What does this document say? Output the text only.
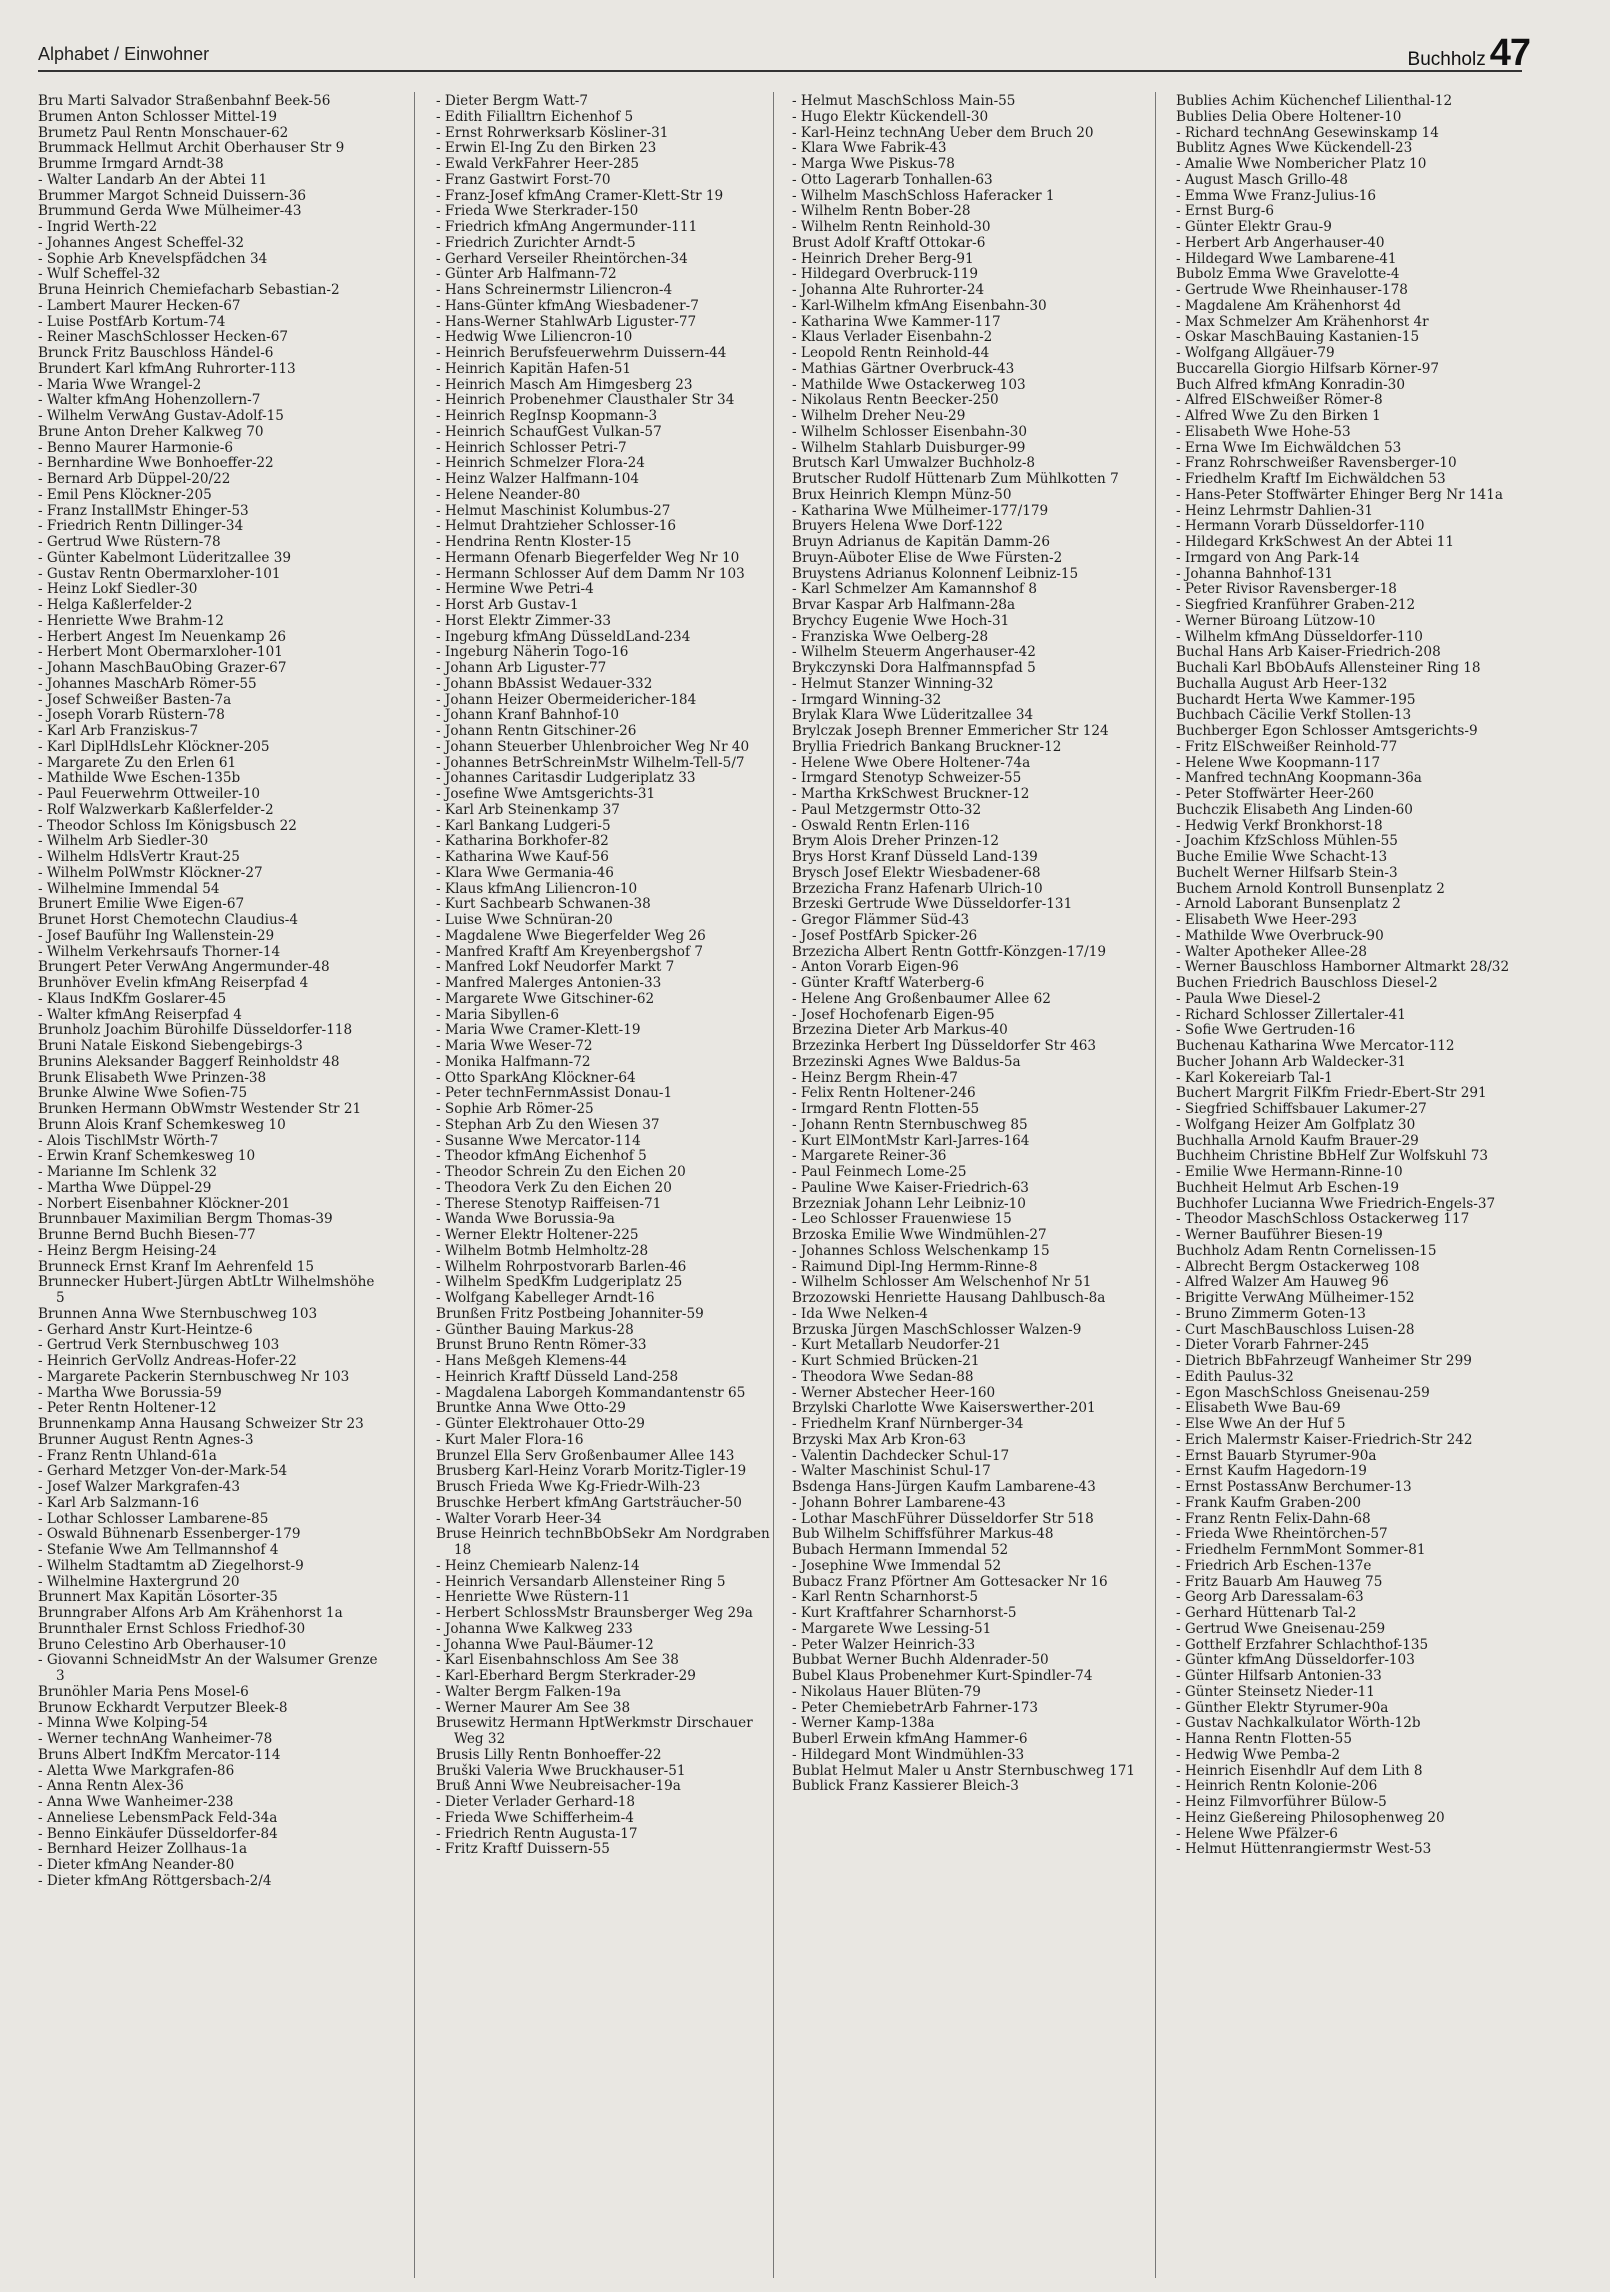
Alphabet / Einwohner	Buchholz 47

Bru Marti Salvador Straßenbahnf Beek-56

Brumen Anton Schlosser Mittel-19

Brumetz Paul Rentn Monschauer-62

Brummack Hellmut Archit Oberhauser Str 9

Brumme Irmgard Arndt-38

- Walter Landarb An der Abtei 11

Brummer Margot Schneid Duissern-36

Brummund Gerda Wwe Mülheimer-43

- Ingrid Werth-22

- Johannes Angest Scheffel-32

- Sophie Arb Knevelspfädchen 34

- Wulf Scheffel-32

Bruna Heinrich Chemiefacharb Sebastian-2

- Lambert Maurer Hecken-67

- Luise PostfArb Kortum-74

- Reiner MaschSchlosser Hecken-67

Brunck Fritz Bauschloss Händel-6

Brundert Karl kfmAng Ruhrorter-113

- Maria Wwe Wrangel-2

- Walter kfmAng Hohenzollern-7

- Wilhelm VerwAng Gustav-Adolf-15

Brune Anton Dreher Kalkweg 70

- Benno Maurer Harmonie-6

- Bernhardine Wwe Bonhoeffer-22

- Bernard Arb Düppel-20/22

- Emil Pens Klöckner-205

- Franz InstallMstr Ehinger-53

- Friedrich Rentn Dillinger-34

- Gertrud Wwe Rüstern-78

- Günter Kabelmont Lüderitzallee 39

- Gustav Rentn Obermarxloher-101

- Heinz Lokf Siedler-30

- Helga Kaßlerfelder-2

- Henriette Wwe Brahm-12

- Herbert Angest Im Neuenkamp 26

- Herbert Mont Obermarxloher-101

- Johann MaschBauObing Grazer-67

- Johannes MaschArb Römer-55

- Josef Schweißer Basten-7a

- Joseph Vorarb Rüstern-78

- Karl Arb Franziskus-7

- Karl DiplHdlsLehr Klöckner-205

- Margarete Zu den Erlen 61

- Mathilde Wwe Eschen-135b

- Paul Feuerwehrm Ottweiler-10

- Rolf Walzwerkarb Kaßlerfelder-2

- Theodor Schloss Im Königsbusch 22

- Wilhelm Arb Siedler-30

- Wilhelm HdlsVertr Kraut-25

- Wilhelm PolWmstr Klöckner-27

- Wilhelmine Immendal 54

Brunert Emilie Wwe Eigen-67

Brunet Horst Chemotechn Claudius-4

- Josef Bauführ Ing Wallenstein-29

- Wilhelm Verkehrsaufs Thorner-14

Brungert Peter VerwAng Angermunder-48

Brunhöver Evelin kfmAng Reiserpfad 4

- Klaus IndKfm Goslarer-45

- Walter kfmAng Reiserpfad 4

Brunholz Joachim Bürohilfe Düsseldorfer-118

Bruni Natale Eiskond Siebengebirgs-3

Brunins Aleksander Baggerf Reinholdstr 48

Brunk Elisabeth Wwe Prinzen-38

Brunke Alwine Wwe Sofien-75

Brunken Hermann ObWmstr Westender Str 21

Brunn Alois Kranf Schemkesweg 10

- Alois TischlMstr Wörth-7

- Erwin Kranf Schemkesweg 10

- Marianne Im Schlenk 32

- Martha Wwe Düppel-29

- Norbert Eisenbahner Klöckner-201

Brunnbauer Maximilian Bergm Thomas-39

Brunne Bernd Buchh Biesen-77

- Heinz Bergm Heising-24

Brunneck Ernst Kranf Im Aehrenfeld 15

Brunnecker Hubert-Jürgen AbtLtr Wilhelmshöhe 5

Brunnen Anna Wwe Sternbuschweg 103

- Gerhard Anstr Kurt-Heintze-6

- Gertrud Verk Sternbuschweg 103

- Heinrich GerVollz Andreas-Hofer-22

- Margarete Packerin Sternbuschweg Nr 103

- Martha Wwe Borussia-59

- Peter Rentn Holtener-12

Brunnenkamp Anna Hausang Schweizer Str 23

Brunner August Rentn Agnes-3

- Franz Rentn Uhland-61a

- Gerhard Metzger Von-der-Mark-54

- Josef Walzer Markgrafen-43

- Karl Arb Salzmann-16

- Lothar Schlosser Lambarene-85

- Oswald Bühnenarb Essenberger-179

- Stefanie Wwe Am Tellmannshof 4

- Wilhelm Stadtamtm aD Ziegelhorst-9

- Wilhelmine Haxtergrund 20

Brunnert Max Kapitän Lösorter-35

Brunngraber Alfons Arb Am Krähenhorst 1a

Brunnthaler Ernst Schloss Friedhof-30

Bruno Celestino Arb Oberhauser-10

- Giovanni SchneidMstr An der Walsumer Grenze 3

Brunöhler Maria Pens Mosel-6

Brunow Eckhardt Verputzer Bleek-8

- Minna Wwe Kolping-54

- Werner technAng Wanheimer-78

Bruns Albert IndKfm Mercator-114

- Aletta Wwe Markgrafen-86

- Anna Rentn Alex-36

- Anna Wwe Wanheimer-238

- Anneliese LebensmPack Feld-34a

- Benno Einkäufer Düsseldorfer-84

- Bernhard Heizer Zollhaus-1a

- Dieter kfmAng Neander-80

- Dieter kfmAng Röttgersbach-2/4

- Dieter Bergm Watt-7

- Edith Filialltrn Eichenhof 5

- Ernst Rohrwerksarb Kösliner-31

- Erwin El-Ing Zu den Birken 23

- Ewald VerkFahrer Heer-285

- Franz Gastwirt Forst-70

- Franz-Josef kfmAng Cramer-Klett-Str 19

- Frieda Wwe Sterkrader-150

- Friedrich kfmAng Angermunder-111

- Friedrich Zurichter Arndt-5

- Gerhard Verseiler Rheintörchen-34

- Günter Arb Halfmann-72

- Hans Schreinermstr Liliencron-4

- Hans-Günter kfmAng Wiesbadener-7

- Hans-Werner StahlwArb Liguster-77

- Hedwig Wwe Liliencron-10

- Heinrich Berufsfeuerwehrm Duissern-44

- Heinrich Kapitän Hafen-51

- Heinrich Masch Am Himgesberg 23

- Heinrich Probenehmer Clausthaler Str 34

- Heinrich RegInsp Koopmann-3

- Heinrich SchaufGest Vulkan-57

- Heinrich Schlosser Petri-7

- Heinrich Schmelzer Flora-24

- Heinz Walzer Halfmann-104

- Helene Neander-80

- Helmut Maschinist Kolumbus-27

- Helmut Drahtzieher Schlosser-16

- Hendrina Rentn Kloster-15

- Hermann Ofenarb Biegerfelder Weg Nr 10

- Hermann Schlosser Auf dem Damm Nr 103

- Hermine Wwe Petri-4

- Horst Arb Gustav-1

- Horst Elektr Zimmer-33

- Ingeburg kfmAng DüsseldLand-234

- Ingeburg Näherin Togo-16

- Johann Arb Liguster-77

- Johann BbAssist Wedauer-332

- Johann Heizer Obermeidericher-184

- Johann Kranf Bahnhof-10

- Johann Rentn Gitschiner-26

- Johann Steuerber Uhlenbroicher Weg Nr 40

- Johannes BetrSchreinMstr Wilhelm-Tell-5/7

- Johannes Caritasdir Ludgeriplatz 33

- Josefine Wwe Amtsgerichts-31

- Karl Arb Steinenkamp 37

- Karl Bankang Ludgeri-5

- Katharina Borkhofer-82

- Katharina Wwe Kauf-56

- Klara Wwe Germania-46

- Klaus kfmAng Liliencron-10

- Kurt Sachbearb Schwanen-38

- Luise Wwe Schnüran-20

- Magdalene Wwe Biegerfelder Weg 26

- Manfred Kraftf Am Kreyenbergshof 7

- Manfred Lokf Neudorfer Markt 7

- Manfred Malerges Antonien-33

- Margarete Wwe Gitschiner-62

- Maria Sibyllen-6

- Maria Wwe Cramer-Klett-19

- Maria Wwe Weser-72

- Monika Halfmann-72

- Otto SparkAng Klöckner-64

- Peter technFernmAssist Donau-1

- Sophie Arb Römer-25

- Stephan Arb Zu den Wiesen 37

- Susanne Wwe Mercator-114

- Theodor kfmAng Eichenhof 5

- Theodor Schrein Zu den Eichen 20

- Theodora Verk Zu den Eichen 20

- Therese Stenotyp Raiffeisen-71

- Wanda Wwe Borussia-9a

- Werner Elektr Holtener-225

- Wilhelm Botmb Helmholtz-28

- Wilhelm Rohrpostvorarb Barlen-46

- Wilhelm SpedKfm Ludgeriplatz 25

- Wolfgang Kabelleger Arndt-16

Brunßen Fritz Postbeing Johanniter-59

- Günther Bauing Markus-28

Brunst Bruno Rentn Römer-33

- Hans Meßgeh Klemens-44

- Heinrich Kraftf Düsseld Land-258

- Magdalena Laborgeh Kommandantenstr 65

Bruntke Anna Wwe Otto-29

- Günter Elektrohauer Otto-29

- Kurt Maler Flora-16

Brunzel Ella Serv Großenbaumer Allee 143

Brusberg Karl-Heinz Vorarb Moritz-Tigler-19

Brusch Frieda Wwe Kg-Friedr-Wilh-23

Bruschke Herbert kfmAng Gartsträucher-50

- Walter Vorarb Heer-34

Bruse Heinrich technBbObSekr Am Nordgraben 18

- Heinz Chemiearb Nalenz-14

- Heinrich Versandarb Allensteiner Ring 5

- Henriette Wwe Rüstern-11

- Herbert SchlossMstr Braunsberger Weg 29a

- Johanna Wwe Kalkweg 233

- Johanna Wwe Paul-Bäumer-12

- Karl Eisenbahnschloss Am See 38

- Karl-Eberhard Bergm Sterkrader-29

- Walter Bergm Falken-19a

- Werner Maurer Am See 38

Brusewitz Hermann HptWerkmstr Dirschauer Weg 32

Brusis Lilly Rentn Bonhoeffer-22

Bruški Valeria Wwe Bruckhauser-51

Bruß Anni Wwe Neubreisacher-19a

- Dieter Verlader Gerhard-18

- Frieda Wwe Schifferheim-4

- Friedrich Rentn Augusta-17

- Fritz Kraftf Duissern-55

- Helmut MaschSchloss Main-55

- Hugo Elektr Kückendell-30

- Karl-Heinz technAng Ueber dem Bruch 20

- Klara Wwe Fabrik-43

- Marga Wwe Piskus-78

- Otto Lagerarb Tonhallen-63

- Wilhelm MaschSchloss Haferacker 1

- Wilhelm Rentn Bober-28

- Wilhelm Rentn Reinhold-30

Brust Adolf Kraftf Ottokar-6

- Heinrich Dreher Berg-91

- Hildegard Overbruck-119

- Johanna Alte Ruhrorter-24

- Karl-Wilhelm kfmAng Eisenbahn-30

- Katharina Wwe Kammer-117

- Klaus Verlader Eisenbahn-2

- Leopold Rentn Reinhold-44

- Mathias Gärtner Overbruck-43

- Mathilde Wwe Ostackerweg 103

- Nikolaus Rentn Beecker-250

- Wilhelm Dreher Neu-29

- Wilhelm Schlosser Eisenbahn-30

- Wilhelm Stahlarb Duisburger-99

Brutsch Karl Umwalzer Buchholz-8

Brutscher Rudolf Hüttenarb Zum Mühlkotten 7

Brux Heinrich Klempn Münz-50

- Katharina Wwe Mülheimer-177/179

Bruyers Helena Wwe Dorf-122

Bruyn Adrianus de Kapitän Damm-26

Bruyn-Aüboter Elise de Wwe Fürsten-2

Bruystens Adrianus Kolonnenf Leibniz-15

- Karl Schmelzer Am Kamannshof 8

Brvar Kaspar Arb Halfmann-28a

Brychcy Eugenie Wwe Hoch-31

- Franziska Wwe Oelberg-28

- Wilhelm Steuerm Angerhauser-42

Brykczynski Dora Halfmannspfad 5

- Helmut Stanzer Winning-32

- Irmgard Winning-32

Brylak Klara Wwe Lüderitzallee 34

Brylczak Joseph Brenner Emmericher Str 124

Bryllia Friedrich Bankang Bruckner-12

- Helene Wwe Obere Holtener-74a

- Irmgard Stenotyp Schweizer-55

- Martha KrkSchwest Bruckner-12

- Paul Metzgermstr Otto-32

- Oswald Rentn Erlen-116

Brym Alois Dreher Prinzen-12

Brys Horst Kranf Düsseld Land-139

Brysch Josef Elektr Wiesbadener-68

Brzezicha Franz Hafenarb Ulrich-10

Brzeski Gertrude Wwe Düsseldorfer-131

- Gregor Flämmer Süd-43

- Josef PostfArb Spicker-26

Brzezicha Albert Rentn Gottfr-Könzgen-17/19

- Anton Vorarb Eigen-96

- Günter Kraftf Waterberg-6

- Helene Ang Großenbaumer Allee 62

- Josef Hochofenarb Eigen-95

Brzezina Dieter Arb Markus-40

Brzezinka Herbert Ing Düsseldorfer Str 463

Brzezinski Agnes Wwe Baldus-5a

- Heinz Bergm Rhein-47

- Felix Rentn Holtener-246

- Irmgard Rentn Flotten-55

- Johann Rentn Sternbuschweg 85

- Kurt ElMontMstr Karl-Jarres-164

- Margarete Reiner-36

- Paul Feinmech Lome-25

- Pauline Wwe Kaiser-Friedrich-63

Brzezniak Johann Lehr Leibniz-10

- Leo Schlosser Frauenwiese 15

Brzoska Emilie Wwe Windmühlen-27

- Johannes Schloss Welschenkamp 15

- Raimund Dipl-Ing Hermm-Rinne-8

- Wilhelm Schlosser Am Welschenhof Nr 51

Brzozowski Henriette Hausang Dahlbusch-8a

- Ida Wwe Nelken-4

Brzuska Jürgen MaschSchlosser Walzen-9

- Kurt Metallarb Neudorfer-21

- Kurt Schmied Brücken-21

- Theodora Wwe Sedan-88

- Werner Abstecher Heer-160

Brzylski Charlotte Wwe Kaiserswerther-201

- Friedhelm Kranf Nürnberger-34

Brzyski Max Arb Kron-63

- Valentin Dachdecker Schul-17

- Walter Maschinist Schul-17

Bsdenga Hans-Jürgen Kaufm Lambarene-43

- Johann Bohrer Lambarene-43

- Lothar MaschFührer Düsseldorfer Str 518

Bub Wilhelm Schiffsführer Markus-48

Bubach Hermann Immendal 52

- Josephine Wwe Immendal 52

Bubacz Franz Pförtner Am Gottesacker Nr 16

- Karl Rentn Scharnhorst-5

- Kurt Kraftfahrer Scharnhorst-5

- Margarete Wwe Lessing-51

- Peter Walzer Heinrich-33

Bubbat Werner Buchh Aldenrader-50

Bubel Klaus Probenehmer Kurt-Spindler-74

- Nikolaus Hauer Blüten-79

- Peter ChemiebetrArb Fahrner-173

- Werner Kamp-138a

Buberl Erwein kfmAng Hammer-6

- Hildegard Mont Windmühlen-33

Bublat Helmut Maler u Anstr Sternbuschweg 171

Bublick Franz Kassierer Bleich-3

Bublies Achim Küchenchef Lilienthal-12

Bublies Delia Obere Holtener-10

- Richard technAng Gesewinskamp 14

Bublitz Agnes Wwe Kückendell-23

- Amalie Wwe Nombericher Platz 10

- August Masch Grillo-48

- Emma Wwe Franz-Julius-16

- Ernst Burg-6

- Günter Elektr Grau-9

- Herbert Arb Angerhauser-40

- Hildegard Wwe Lambarene-41

Bubolz Emma Wwe Gravelotte-4

- Gertrude Wwe Rheinhauser-178

- Magdalene Am Krähenhorst 4d

- Max Schmelzer Am Krähenhorst 4r

- Oskar MaschBauing Kastanien-15

- Wolfgang Allgäuer-79

Buccarella Giorgio Hilfsarb Körner-97

Buch Alfred kfmAng Konradin-30

- Alfred ElSchweißer Römer-8

- Alfred Wwe Zu den Birken 1

- Elisabeth Wwe Hohe-53

- Erna Wwe Im Eichwäldchen 53

- Franz Rohrschweißer Ravensberger-10

- Friedhelm Kraftf Im Eichwäldchen 53

- Hans-Peter Stoffwärter Ehinger Berg Nr 141a

- Heinz Lehrmstr Dahlien-31

- Hermann Vorarb Düsseldorfer-110

- Hildegard KrkSchwest An der Abtei 11

- Irmgard von Ang Park-14

- Johanna Bahnhof-131

- Peter Rivisor Ravensberger-18

- Siegfried Kranführer Graben-212

- Werner Büroang Lützow-10

- Wilhelm kfmAng Düsseldorfer-110

Buchal Hans Arb Kaiser-Friedrich-208

Buchali Karl BbObAufs Allensteiner Ring 18

Buchalla August Arb Heer-132

Buchardt Herta Wwe Kammer-195

Buchbach Cäcilie Verkf Stollen-13

Buchberger Egon Schlosser Amtsgerichts-9

- Fritz ElSchweißer Reinhold-77

- Helene Wwe Koopmann-117

- Manfred technAng Koopmann-36a

- Peter Stoffwärter Heer-260

Buchczik Elisabeth Ang Linden-60

- Hedwig Verkf Bronkhorst-18

- Joachim KfzSchloss Mühlen-55

Buche Emilie Wwe Schacht-13

Buchelt Werner Hilfsarb Stein-3

Buchem Arnold Kontroll Bunsenplatz 2

- Arnold Laborant Bunsenplatz 2

- Elisabeth Wwe Heer-293

- Mathilde Wwe Overbruck-90

- Walter Apotheker Allee-28

- Werner Bauschloss Hamborner Altmarkt 28/32

Buchen Friedrich Bauschloss Diesel-2

- Paula Wwe Diesel-2

- Richard Schlosser Zillertaler-41

- Sofie Wwe Gertruden-16

Buchenau Katharina Wwe Mercator-112

Bucher Johann Arb Waldecker-31

- Karl Kokereiarb Tal-1

Buchert Margrit FilKfm Friedr-Ebert-Str 291

- Siegfried Schiffsbauer Lakumer-27

- Wolfgang Heizer Am Golfplatz 30

Buchhalla Arnold Kaufm Brauer-29

Buchheim Christine BbHelf Zur Wolfskuhl 73

- Emilie Wwe Hermann-Rinne-10

Buchheit Helmut Arb Eschen-19

Buchhofer Lucianna Wwe Friedrich-Engels-37

- Theodor MaschSchloss Ostackerweg 117

- Werner Bauführer Biesen-19

Buchholz Adam Rentn Cornelissen-15

- Albrecht Bergm Ostackerweg 108

- Alfred Walzer Am Hauweg 96

- Brigitte VerwAng Mülheimer-152

- Bruno Zimmerm Goten-13

- Curt MaschBauschloss Luisen-28

- Dieter Vorarb Fahrner-245

- Dietrich BbFahrzeugf Wanheimer Str 299

- Edith Paulus-32

- Egon MaschSchloss Gneisenau-259

- Elisabeth Wwe Bau-69

- Else Wwe An der Huf 5

- Erich Malermstr Kaiser-Friedrich-Str 242

- Ernst Bauarb Styrumer-90a

- Ernst Kaufm Hagedorn-19

- Ernst PostassAnw Berchumer-13

- Frank Kaufm Graben-200

- Franz Rentn Felix-Dahn-68

- Frieda Wwe Rheintörchen-57

- Friedhelm FernmMont Sommer-81

- Friedrich Arb Eschen-137e

- Fritz Bauarb Am Hauweg 75

- Georg Arb Daressalam-63

- Gerhard Hüttenarb Tal-2

- Gertrud Wwe Gneisenau-259

- Gotthelf Erzfahrer Schlachthof-135

- Günter kfmAng Düsseldorfer-103

- Günter Hilfsarb Antonien-33

- Günter Steinsetz Nieder-11

- Günther Elektr Styrumer-90a

- Gustav Nachkalkulator Wörth-12b

- Hanna Rentn Flotten-55

- Hedwig Wwe Pemba-2

- Heinrich Eisenhdlr Auf dem Lith 8

- Heinrich Rentn Kolonie-206

- Heinz Filmvorführer Bülow-5

- Heinz Gießereing Philosophenweg 20

- Helene Wwe Pfälzer-6

- Helmut Hüttenrangiermstr West-53
